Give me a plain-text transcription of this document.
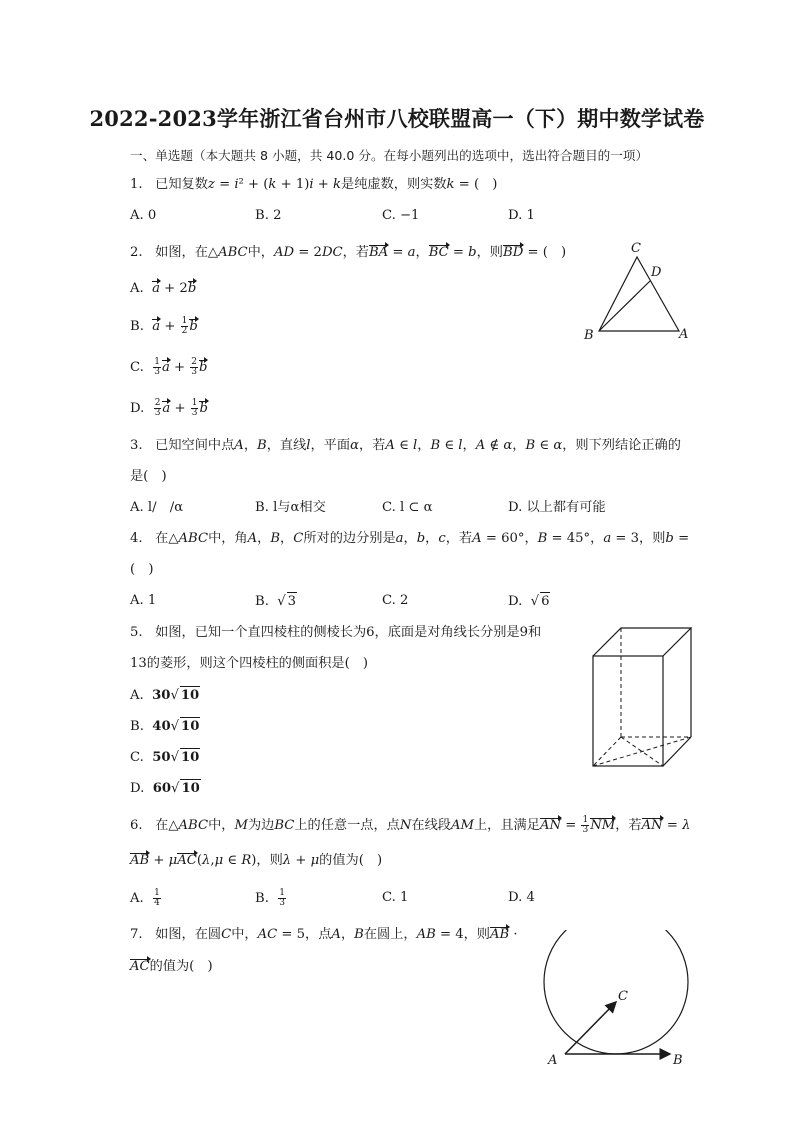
2022-2023学年浙江省台州市八校联盟高一（下）期中数学试卷
一、单选题（本大题共 8 小题，共 40.0 分。在每小题列出的选项中，选出符合题目的一项）
1.   已知复数z = i² + (k + 1)i + k是纯虚数，则实数k = (　)
A. 0	B. 2	C. −1	D. 1
2.   如图，在△ABC中，AD = 2DC，若BA = a，BC = b，则BD = (　)
A.  a + 2b
B.  $a + \frac{1}{2}$ b
C. $\frac{1}{3}$ $a + \frac{2}{3}$ b
D. $\frac{2}{3}$ $a + \frac{1}{3}$ b
C
D
B	A
3.   已知空间中点A，B，直线l，平面α，若A ∈ l，B ∈ l，A ∉ α，B ∈ α，则下列结论正确的
是(　)
A. l/　/α	B. l与α相交	C. l ⊂ α	D. 以上都有可能
4.   在△ABC中，角A，B，C所对的边分别是a，b，c，若A = 60°，B = 45°，a = 3，则b =
(　)
A. 1	B.  √ 3	C. 2	D.  √ 6
5.   如图，已知一个直四棱柱的侧棱长为6，底面是对角线长分别是9和
13的菱形，则这个四棱柱的侧面积是(　)
A.  30√ 10
B.  40√ 10
C.  50√ 10
D.  60√ 10
6.   在△ABC中，M为边BC上的任意一点，点N在线段AM上，且满足AN = $\frac{1}{3}$ NM，若AN = λ
AB + μAC(λ,μ ∈ R)，则λ + μ的值为(　)
A. $\frac{1}{4}$	B. $\frac{1}{3}$	C. 1	D. 4
7.   如图，在圆C中，AC = 5，点A，B在圆上，AB = 4，则AB ·
AC的值为(　)
C
A	B
